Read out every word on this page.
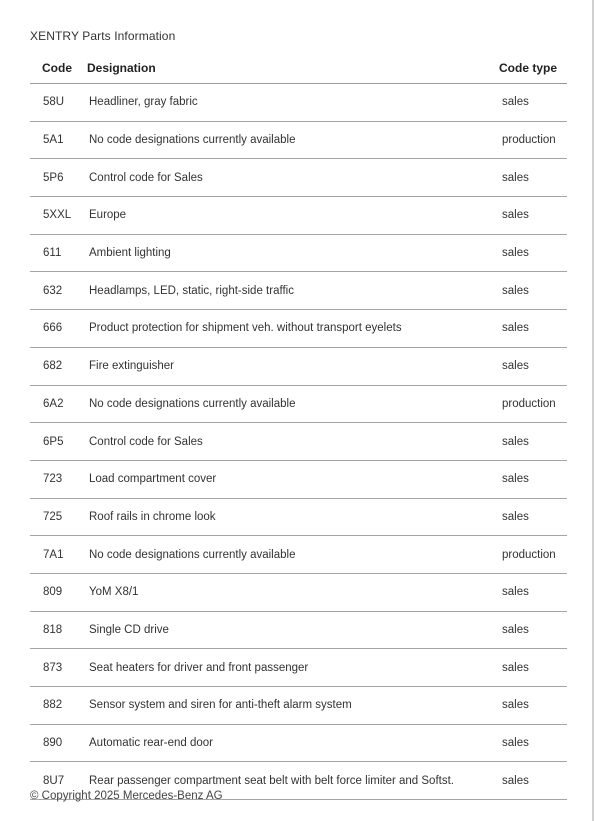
XENTRY Parts Information
Code	Designation	Code type
58U	Headliner, gray fabric	sales
5A1	No code designations currently available	production
5P6	Control code for Sales	sales
5XXL	Europe	sales
611	Ambient lighting	sales
632	Headlamps, LED, static, right-side traffic	sales
666	Product protection for shipment veh. without transport eyelets	sales
682	Fire extinguisher	sales
6A2	No code designations currently available	production
6P5	Control code for Sales	sales
723	Load compartment cover	sales
725	Roof rails in chrome look	sales
7A1	No code designations currently available	production
809	YoM X8/1	sales
818	Single CD drive	sales
873	Seat heaters for driver and front passenger	sales
882	Sensor system and siren for anti-theft alarm system	sales
890	Automatic rear-end door	sales
8U7	Rear passenger compartment seat belt with belt force limiter and Softst.	sales
© Copyright 2025 Mercedes-Benz AG
